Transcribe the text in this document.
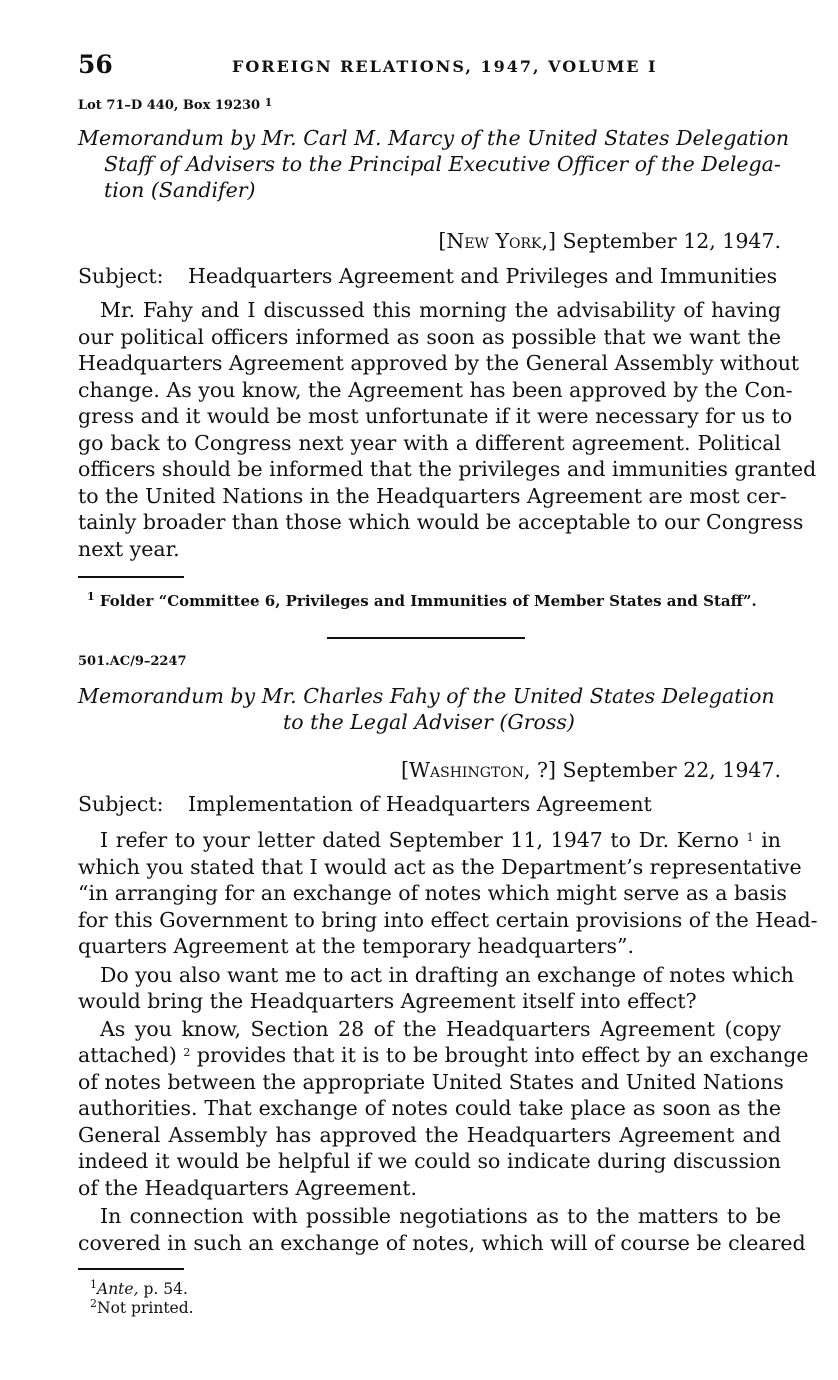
56	FOREIGN RELATIONS, 1947, VOLUME I
Lot 71–D 440, Box 19230 $^1$
Memorandum by Mr. Carl M. Marcy of the United States Delegation
Staff of Advisers to the Principal Executive Officer of the Delega-
tion (Sandifer)
[New York,] September 12, 1947.
Subject: Headquarters Agreement and Privileges and Immunities
Mr. Fahy and I discussed this morning the advisability of having
our political officers informed as soon as possible that we want the
Headquarters Agreement approved by the General Assembly without
change. As you know, the Agreement has been approved by the Con-
gress and it would be most unfortunate if it were necessary for us to
go back to Congress next year with a different agreement. Political
officers should be informed that the privileges and immunities granted
to the United Nations in the Headquarters Agreement are most cer-
tainly broader than those which would be acceptable to our Congress
next year.
$^1$ Folder “Committee 6, Privileges and Immunities of Member States and Staff”.
501.AC/9–2247
Memorandum by Mr. Charles Fahy of the United States Delegation
to the Legal Adviser (Gross)
[Washington, ?] September 22, 1947.
Subject: Implementation of Headquarters Agreement
I refer to your letter dated September 11, 1947 to Dr. Kerno $^1$ in
which you stated that I would act as the Department’s representative
“in arranging for an exchange of notes which might serve as a basis
for this Government to bring into effect certain provisions of the Head-
quarters Agreement at the temporary headquarters”.
Do you also want me to act in drafting an exchange of notes which
would bring the Headquarters Agreement itself into effect?
As you know, Section 28 of the Headquarters Agreement (copy
attached) $^2$ provides that it is to be brought into effect by an exchange
of notes between the appropriate United States and United Nations
authorities. That exchange of notes could take place as soon as the
General Assembly has approved the Headquarters Agreement and
indeed it would be helpful if we could so indicate during discussion
of the Headquarters Agreement.
In connection with possible negotiations as to the matters to be
covered in such an exchange of notes, which will of course be cleared
$^1$Ante, p. 54.
$^2$Not printed.
